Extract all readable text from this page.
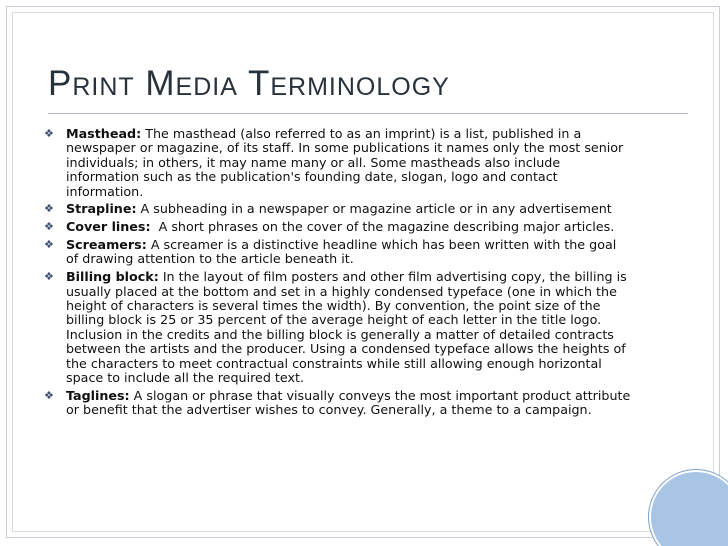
Print Media Terminology
❖ Masthead: The masthead (also referred to as an imprint) is a list, published in a newspaper or magazine, of its staff. In some publications it names only the most senior individuals; in others, it may name many or all. Some mastheads also include information such as the publication's founding date, slogan, logo and contact information.
❖ Strapline: A subheading in a newspaper or magazine article or in any advertisement
❖ Cover lines:  A short phrases on the cover of the magazine describing major articles.
❖ Screamers: A screamer is a distinctive headline which has been written with the goal of drawing attention to the article beneath it.
❖ Billing block: In the layout of film posters and other film advertising copy, the billing is usually placed at the bottom and set in a highly condensed typeface (one in which the height of characters is several times the width). By convention, the point size of the billing block is 25 or 35 percent of the average height of each letter in the title logo. Inclusion in the credits and the billing block is generally a matter of detailed contracts between the artists and the producer. Using a condensed typeface allows the heights of the characters to meet contractual constraints while still allowing enough horizontal space to include all the required text.
❖ Taglines: A slogan or phrase that visually conveys the most important product attribute or benefit that the advertiser wishes to convey. Generally, a theme to a campaign.
